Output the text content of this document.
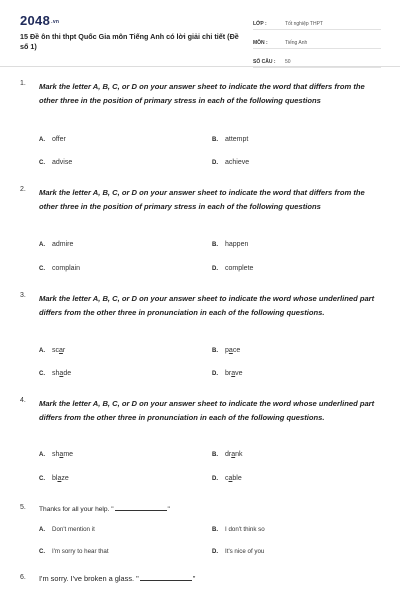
2048.vn
15 Đề ôn thi thpt Quốc Gia môn Tiếng Anh có lời giải chi tiết (Đề số 1)
LỚP :	Tốt nghiệp THPT
MÔN :	Tiếng Anh
SỐ CÂU :	50
1. Mark the letter A, B, C, or D on your answer sheet to indicate the word that differs from the other three in the position of primary stress in each of the following questions
A. offer	B. attempt
C. advise	D. achieve
2. Mark the letter A, B, C, or D on your answer sheet to indicate the word that differs from the other three in the position of primary stress in each of the following questions
A. admire	B. happen
C. complain	D. complete
3. Mark the letter A, B, C, or D on your answer sheet to indicate the word whose underlined part differs from the other three in pronunciation in each of the following questions.
A. scar	B. pace
C. shade	D. brave
4. Mark the letter A, B, C, or D on your answer sheet to indicate the word whose underlined part differs from the other three in pronunciation in each of the following questions.
A. shame	B. drank
C. blaze	D. cable
5. Thanks for all your help. "	"
A. Don't mention it	B. I don't think so
C. I'm sorry to hear that	D. It's nice of you
6. I'm sorry. I've broken a glass. "	"
